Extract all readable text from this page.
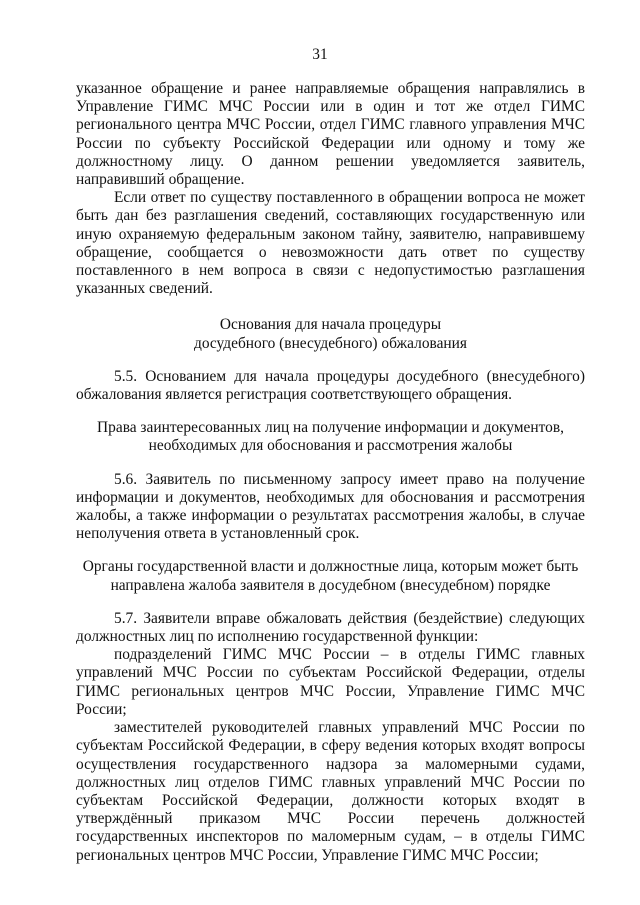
31

указанное обращение и ранее направляемые обращения направлялись в Управление ГИМС МЧС России или в один и тот же отдел ГИМС регионального центра МЧС России, отдел ГИМС главного управления МЧС России по субъекту Российской Федерации или одному и тому же должностному лицу. О данном решении уведомляется заявитель, направивший обращение.

Если ответ по существу поставленного в обращении вопроса не может быть дан без разглашения сведений, составляющих государственную или иную охраняемую федеральным законом тайну, заявителю, направившему обращение, сообщается о невозможности дать ответ по существу поставленного в нем вопроса в связи с недопустимостью разглашения указанных сведений.

Основания для начала процедуры
досудебного (внесудебного) обжалования

5.5. Основанием для начала процедуры досудебного (внесудебного) обжалования является регистрация соответствующего обращения.

Права заинтересованных лиц на получение информации и документов,
необходимых для обоснования и рассмотрения жалобы

5.6. Заявитель по письменному запросу имеет право на получение информации и документов, необходимых для обоснования и рассмотрения жалобы, а также информации о результатах рассмотрения жалобы, в случае неполучения ответа в установленный срок.

Органы государственной власти и должностные лица, которым может быть
направлена жалоба заявителя в досудебном (внесудебном) порядке

5.7. Заявители вправе обжаловать действия (бездействие) следующих должностных лиц по исполнению государственной функции:

подразделений ГИМС МЧС России – в отделы ГИМС главных управлений МЧС России по субъектам Российской Федерации, отделы ГИМС региональных центров МЧС России, Управление ГИМС МЧС России;

заместителей руководителей главных управлений МЧС России по субъектам Российской Федерации, в сферу ведения которых входят вопросы осуществления государственного надзора за маломерными судами, должностных лиц отделов ГИМС главных управлений МЧС России по субъектам Российской Федерации, должности которых входят в утверждённый приказом МЧС России перечень должностей государственных инспекторов по маломерным судам, – в отделы ГИМС региональных центров МЧС России, Управление ГИМС МЧС России;
